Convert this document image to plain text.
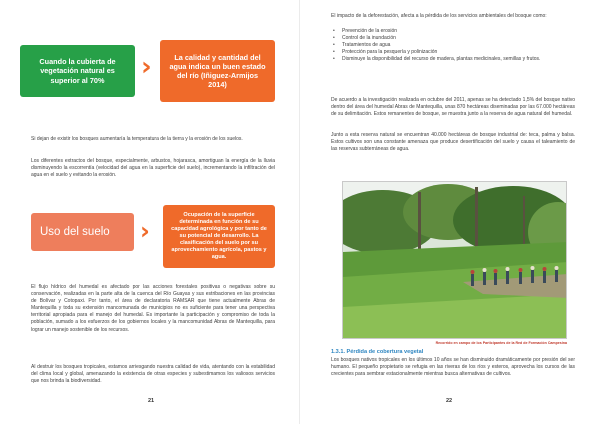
Cuando la cubierta de vegetación natural es superior al 70%	›	La calidad y cantidad del agua indica un buen estado del río (Iñiguez-Armijos 2014)

Si dejan de existir los bosques aumentaría la temperatura de la tierra y la erosión de los suelos.

Los diferentes extractos del bosque, especialmente, arbustos, hojarasca, amortiguan la energía de la lluvia disminuyendo la escorrentía (velocidad del agua en la superficie del suelo), incrementando la infiltración del agua en el suelo y evitando la erosión.

Uso del suelo ›
Ocupación de la superficie determinada en función de su capacidad agrológica y por tanto de su potencial de desarrollo. La clasificación del suelo por su aprovechamiento agrícola, pastos y agua.

El flujo hídrico del humedal es afectado por las acciones forestales positivas o negativas sobre su conservación, realizadas en la parte alta de la cuenca del Río Guayas y sus estribaciones en las provincias de Bolívar y Cotopaxi. Por tanto, el área de declaratoria RAMSAR que tiene actualmente Abras de Mantequilla y toda su extensión mancomunada de municipios no es suficiente para tener una perspectiva territorial apropiada para el manejo del humedal. Es importante la participación y compromiso de toda la población, sumado a los esfuerzos de los gobiernos locales y la mancomunidad Abras de Mantequilla, para lograr un manejo sostenible de los recursos.

Al destruir los bosques tropicales, estamos arriesgando nuestra calidad de vida, atentando con la estabilidad del clima local y global, amenazando la existencia de otras especies y subestimamos los valiosos servicios que nos brinda la biodiversidad.

21

El impacto de la deforestación, afecta a la pérdida de los servicios ambientales del bosque como:

• Prevención de la erosión
• Control de la inundación
• Tratamientos de agua
• Protección para la pesquería y polinización
• Disminuye la disponibilidad del recurso de madera, plantas medicinales, semillas y frutos.

De acuerdo a la investigación realizada en octubre del 2011, apenas se ha detectado 1,5% del bosque nativo dentro del área del humedal Abras de Mantequilla, unas 870 hectáreas diseminadas por las 67.000 hectáreas de su delimitación. Estos remanentes de bosque, se muestra junto a la reserva de agua natural del humedal.

Junto a esta reserva natural se encuentran 40.000 hectáreas de bosque industrial de: teca, palma y balsa. Estos cultivos son una constante amenaza que produce desertificación del suelo y causa el taleamiento de las reservas subterráneas de agua.

Recorrido en campo de los Participantes de la Red de Formación Campesina
1.3.1. Pérdida de cobertura vegetal

Los bosques nativos tropicales en los últimos 10 años se han disminuido dramáticamente por presión del ser humano. El pequeño propietario se refugia en las riveras de los ríos y esteros, aprovecha los cursos de las crecientes para sembrar estacionalmente mientras busca alternativas de cultivos.

22
